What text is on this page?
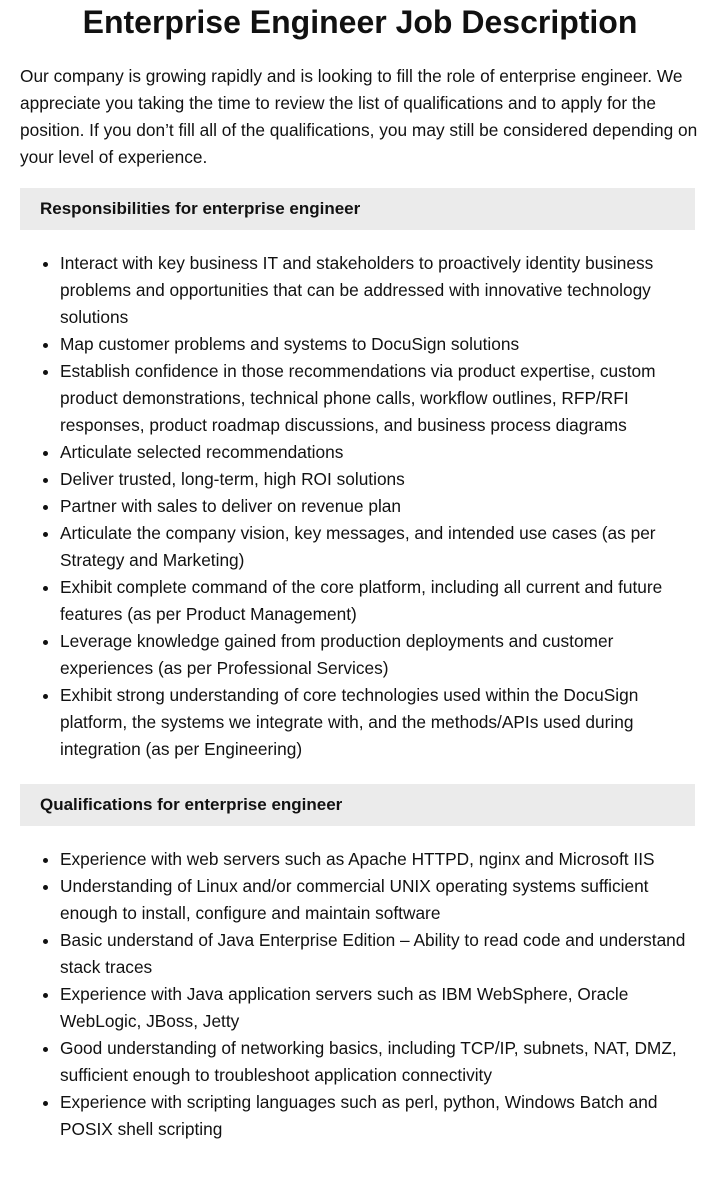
Enterprise Engineer Job Description

Our company is growing rapidly and is looking to fill the role of enterprise engineer. We appreciate you taking the time to review the list of qualifications and to apply for the position. If you don’t fill all of the qualifications, you may still be considered depending on your level of experience.

Responsibilities for enterprise engineer
• Interact with key business IT and stakeholders to proactively identity business problems and opportunities that can be addressed with innovative technology solutions
• Map customer problems and systems to DocuSign solutions
• Establish confidence in those recommendations via product expertise, custom product demonstrations, technical phone calls, workflow outlines, RFP/RFI responses, product roadmap discussions, and business process diagrams
• Articulate selected recommendations
• Deliver trusted, long-term, high ROI solutions
• Partner with sales to deliver on revenue plan
• Articulate the company vision, key messages, and intended use cases (as per Strategy and Marketing)
• Exhibit complete command of the core platform, including all current and future features (as per Product Management)
• Leverage knowledge gained from production deployments and customer experiences (as per Professional Services)
• Exhibit strong understanding of core technologies used within the DocuSign platform, the systems we integrate with, and the methods/APIs used during integration (as per Engineering)
Qualifications for enterprise engineer
• Experience with web servers such as Apache HTTPD, nginx and Microsoft IIS
• Understanding of Linux and/or commercial UNIX operating systems sufficient enough to install, configure and maintain software
• Basic understand of Java Enterprise Edition – Ability to read code and understand stack traces
• Experience with Java application servers such as IBM WebSphere, Oracle WebLogic, JBoss, Jetty
• Good understanding of networking basics, including TCP/IP, subnets, NAT, DMZ, sufficient enough to troubleshoot application connectivity
• Experience with scripting languages such as perl, python, Windows Batch and POSIX shell scripting
